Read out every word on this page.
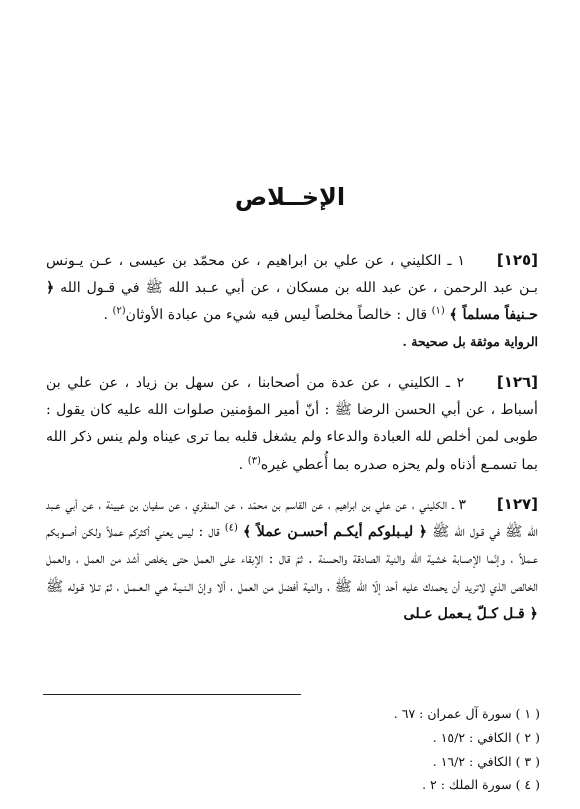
الإخــلاص

[١٢٥] ١ ـ الكليني ، عن علي بن ابراهيم ، عن محمّد بن عيسى ، عـن يـونس بـن عبد الرحمن ، عن عبد الله بن مسكان ، عن أبي عـبد الله ﷺ في قـول الله ﴿ حـنيفاً مسلماً ﴾ $^{(١)}$ قال : خالصاً مخلصاً ليس فيه شيء من عبادة الأوثان$^{(٢)}$ .

الرواية موثقة بل صحيحة .

[١٢٦] ٢ ـ الكليني ، عن عدة من أصحابنا ، عن سهل بن زياد ، عن علي بن أسباط ، عن أبي الحسن الرضا ﷺ : أنّ أمير المؤمنين صلوات الله عليه كان يقول : طوبى لمن أخلص لله العبادة والدعاء ولم يشغل قلبه بما ترى عيناه ولم ينس ذكر الله بما تسمـع أذناه ولم يحزه صدره بما أُعطي غيره$^{(٣)}$ .

[١٢٧] ٣ ـ الكليني ، عن علي بن ابراهيم ، عن القاسم بن محمّد ، عن المنقري ، عن سفيان بن عيينة ، عن أبي عـبد الله ﷺ في قـول الله ﷺ ﴿ ليـبلوكم أيكـم أحسـن عملاً ﴾ $^{(٤)}$ قال : ليس يعني أكثركم عملاً ولكن أصـوبكم عـملاً ، وإنّما الإصـابة خشية الله والنية الصادقة والحسنة . ثمّ قال : الإبقاء على العمل حتى يخلص أشد من العمل ، والعمل الخالص الذي لاتريد أن يحمدك عليه أحد إلّا الله ﷺ ، والنية أفضل من العمل ، ألا وإنّ الـنـيـة هـي الـعـمـل ، ثمّ تـلا قـوله ﷺ ﴿ قـل كـلّ يـعمل عـلى

( ١ ) سورة آل عمران : ٦٧ .
( ٢ ) الكافي : ١٥/٢ .
( ٣ ) الكافي : ١٦/٢ .
( ٤ ) سورة الملك : ٢ .
